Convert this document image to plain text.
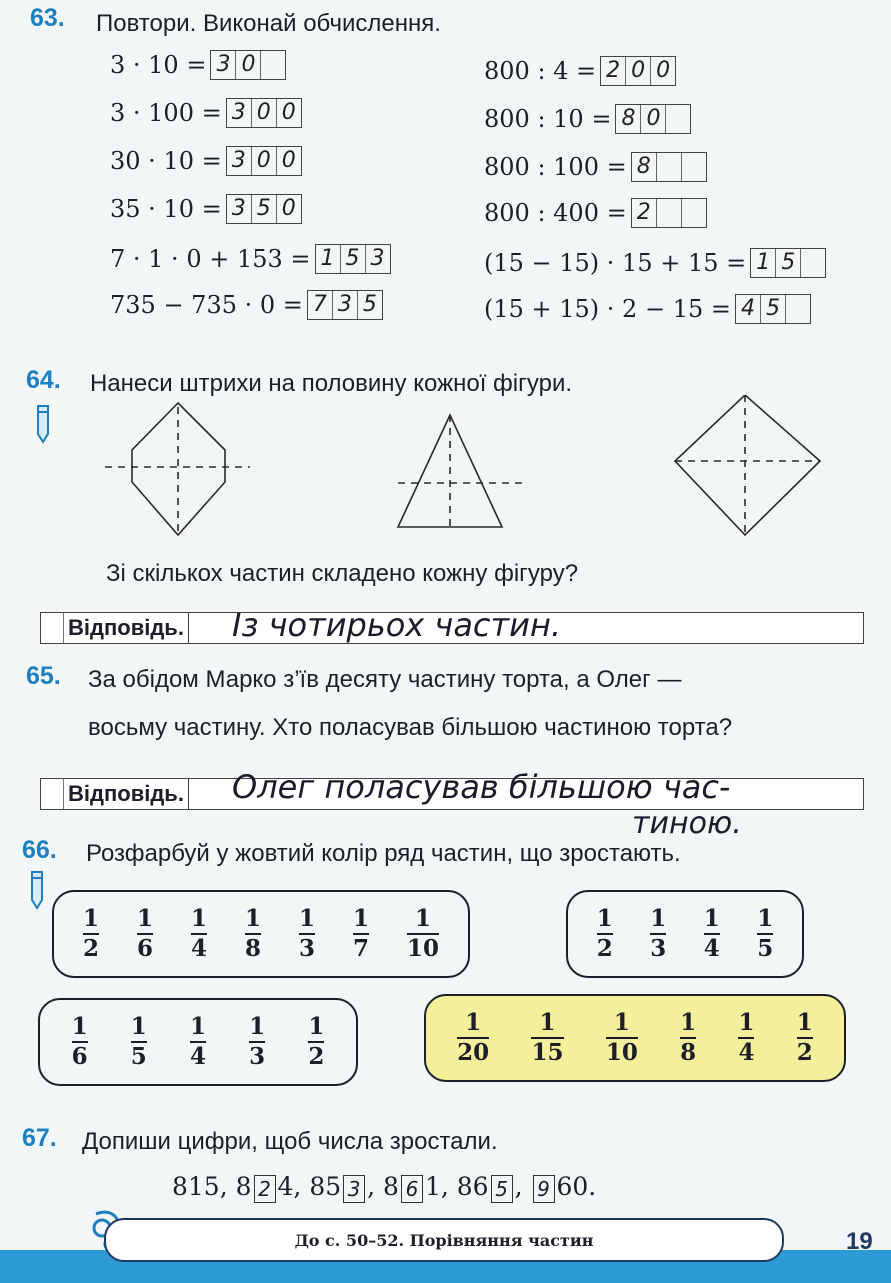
63. Повтори. Виконай обчислення.
3 · 10 = 3 0
3 · 100 = 3 0 0
30 · 10 = 3 0 0
35 · 10 = 3 5 0
7 · 1 · 0 + 153 = 1 5 3
735 − 735 · 0 = 7 3 5
800 : 4 = 2 0 0
800 : 10 = 8 0
800 : 100 = 8
800 : 400 = 2
(15 − 15) · 15 + 15 = 1 5
(15 + 15) · 2 − 15 = 4 5
64. Нанеси штрихи на половину кожної фігури.
Зі скількох частин складено кожну фігуру?
Відповідь. Із чотирьох частин.
65. За обідом Марко з’їв десяту частину торта, а Олег —
восьму частину. Хто поласував більшою частиною торта?
Відповідь. Олег поласував більшою час-
тиною.
66. Розфарбуй у жовтий колір ряд частин, що зростають.
$\frac{1}{2} \frac{1}{6} \frac{1}{4} \frac{1}{8} \frac{1}{3} \frac{1}{7} \frac{1}{10}$	$\frac{1}{2} \frac{1}{3} \frac{1}{4} \frac{1}{5}$
$\frac{1}{6} \frac{1}{5} \frac{1}{4} \frac{1}{3} \frac{1}{2}$	$\frac{1}{20} \frac{1}{15} \frac{1}{10} \frac{1}{8} \frac{1}{4} \frac{1}{2}$
67. Допиши цифри, щоб числа зростали.
815, 8 2 4, 85 3 , 8 6 1, 86 5 , 9 60.
До с. 50–52. Порівняння частин	19
